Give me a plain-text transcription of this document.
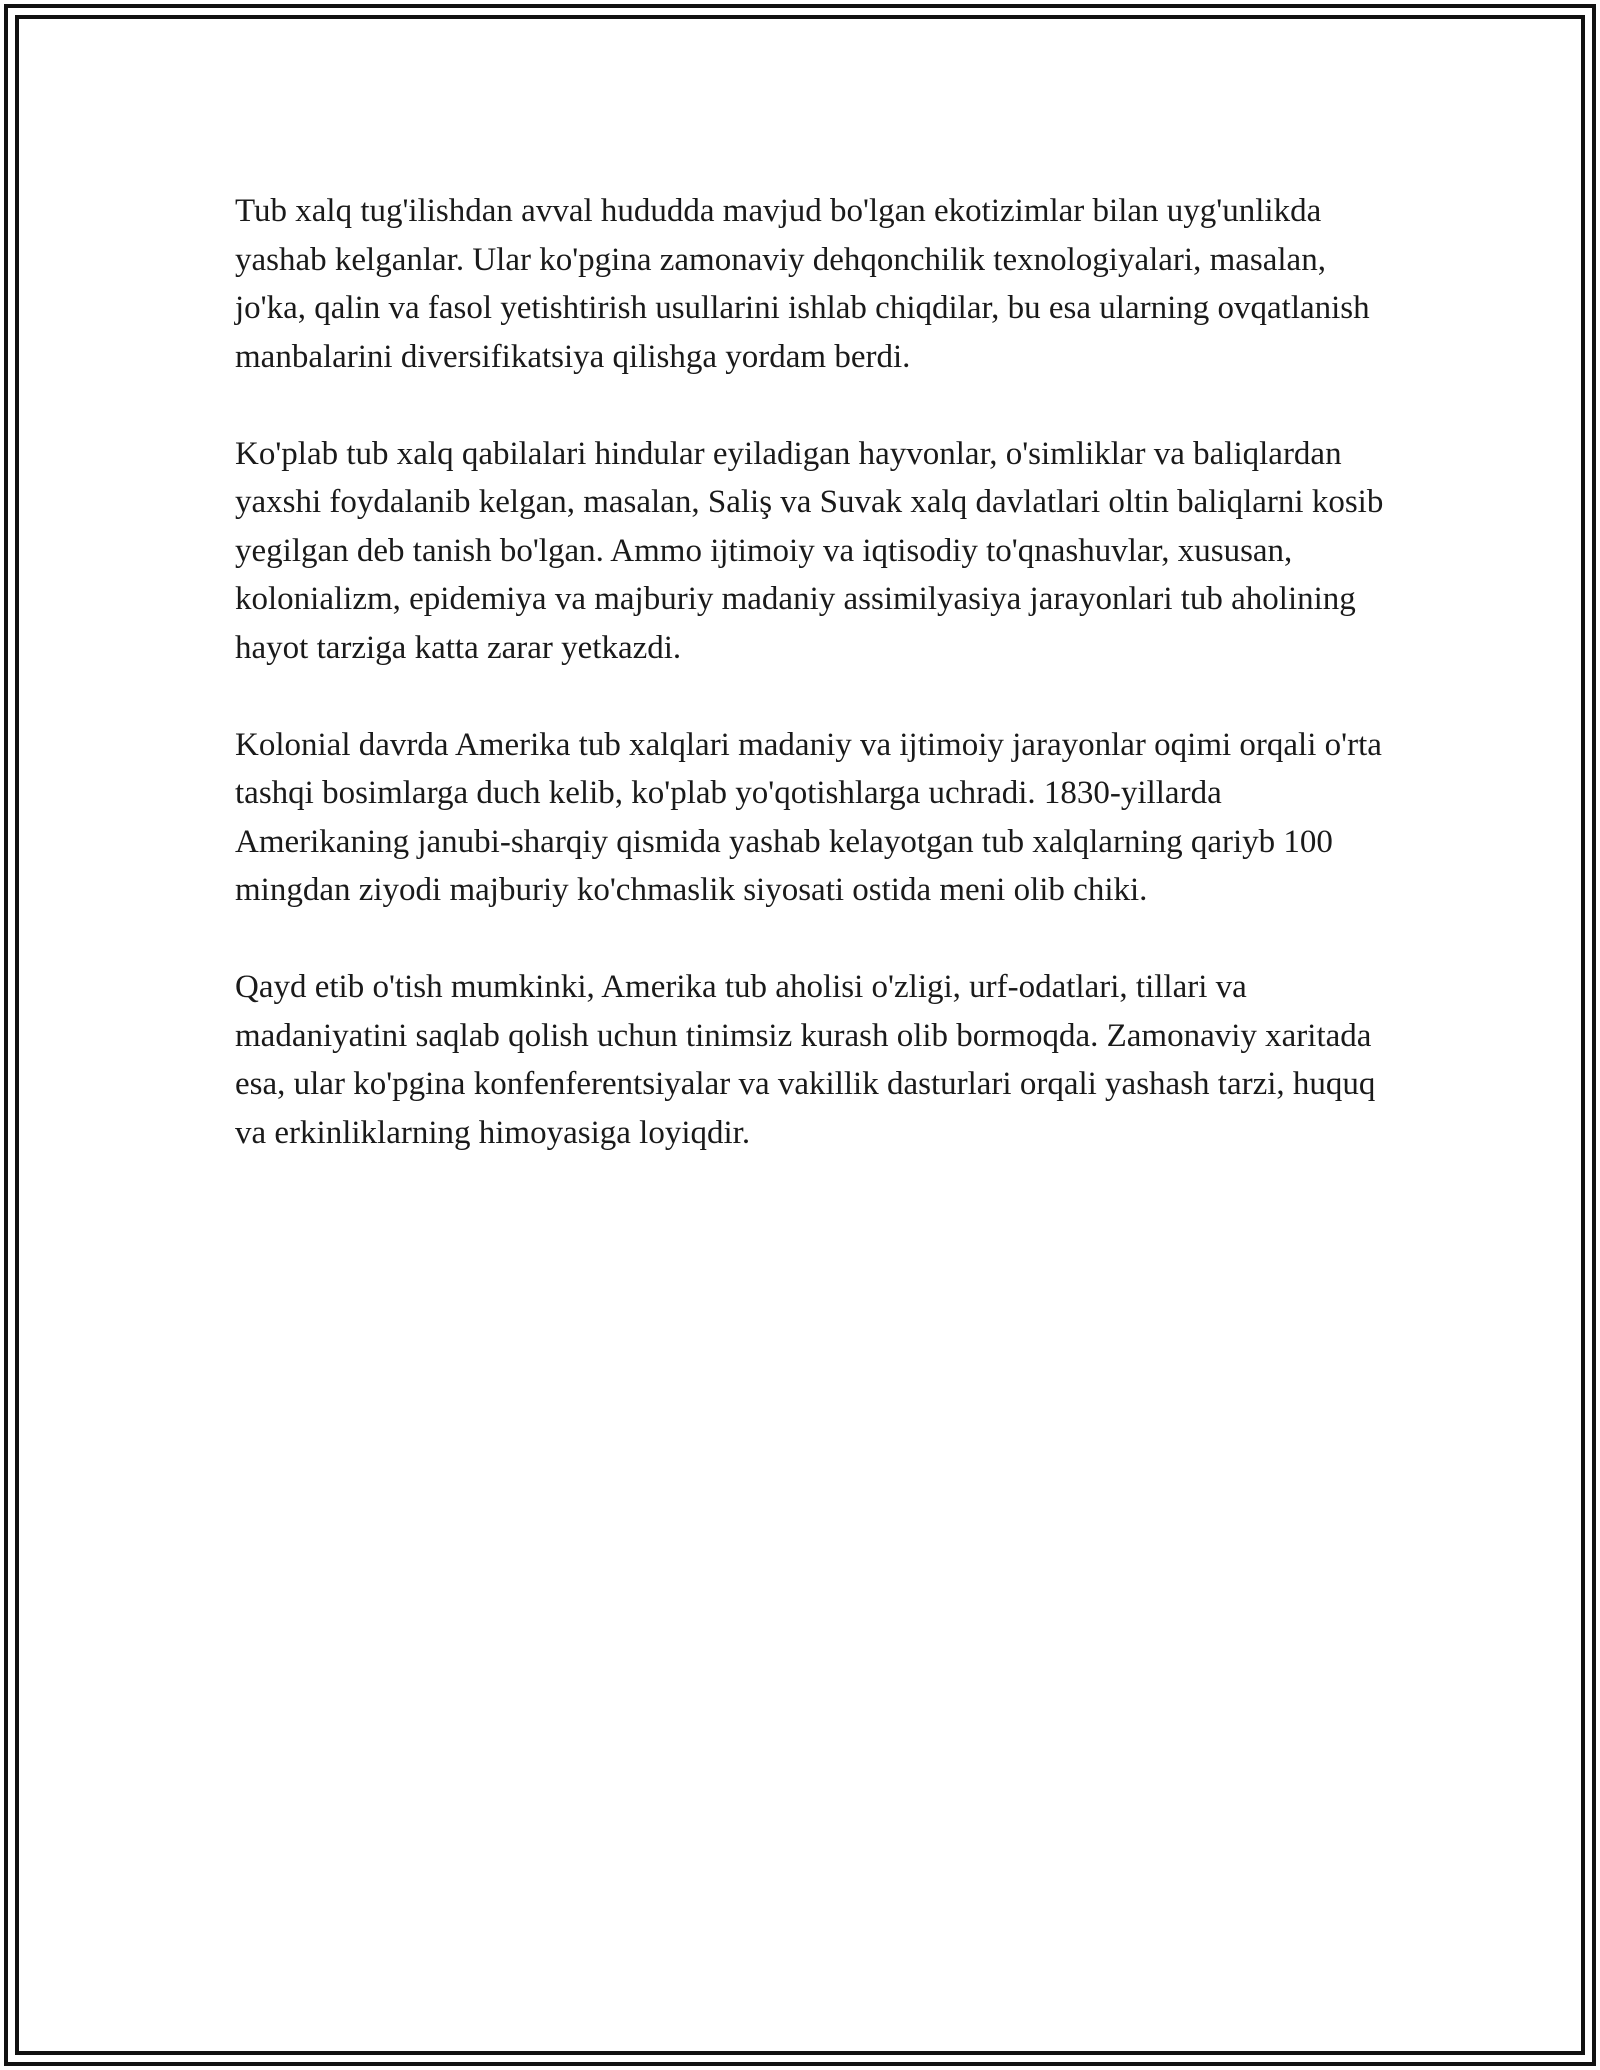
Tub xalq tug'ilishdan avval hududda mavjud bo'lgan ekotizimlar bilan uyg'unlikda yashab kelganlar. Ular ko'pgina zamonaviy dehqonchilik texnologiyalari, masalan, jo'ka, qalin va fasol yetishtirish usullarini ishlab chiqdilar, bu esa ularning ovqatlanish manbalarini diversifikatsiya qilishga yordam berdi.

Ko'plab tub xalq qabilalari hindular eyiladigan hayvonlar, o'simliklar va baliqlardan yaxshi foydalanib kelgan, masalan, Saliş va Suvak xalq davlatlari oltin baliqlarni kosib yegilgan deb tanish bo'lgan. Ammo ijtimoiy va iqtisodiy to'qnashuvlar, xususan, kolonializm, epidemiya va majburiy madaniy assimilyasiya jarayonlari tub aholining hayot tarziga katta zarar yetkazdi.

Kolonial davrda Amerika tub xalqlari madaniy va ijtimoiy jarayonlar oqimi orqali o'rta tashqi bosimlarga duch kelib, ko'plab yo'qotishlarga uchradi. 1830-yillarda Amerikaning janubi-sharqiy qismida yashab kelayotgan tub xalqlarning qariyb 100 mingdan ziyodi majburiy ko'chmaslik siyosati ostida meni olib chiki.

Qayd etib o'tish mumkinki, Amerika tub aholisi o'zligi, urf-odatlari, tillari va madaniyatini saqlab qolish uchun tinimsiz kurash olib bormoqda. Zamonaviy xaritada esa, ular ko'pgina konfenferentsiyalar va vakillik dasturlari orqali yashash tarzi, huquq va erkinliklarning himoyasiga loyiqdir.
